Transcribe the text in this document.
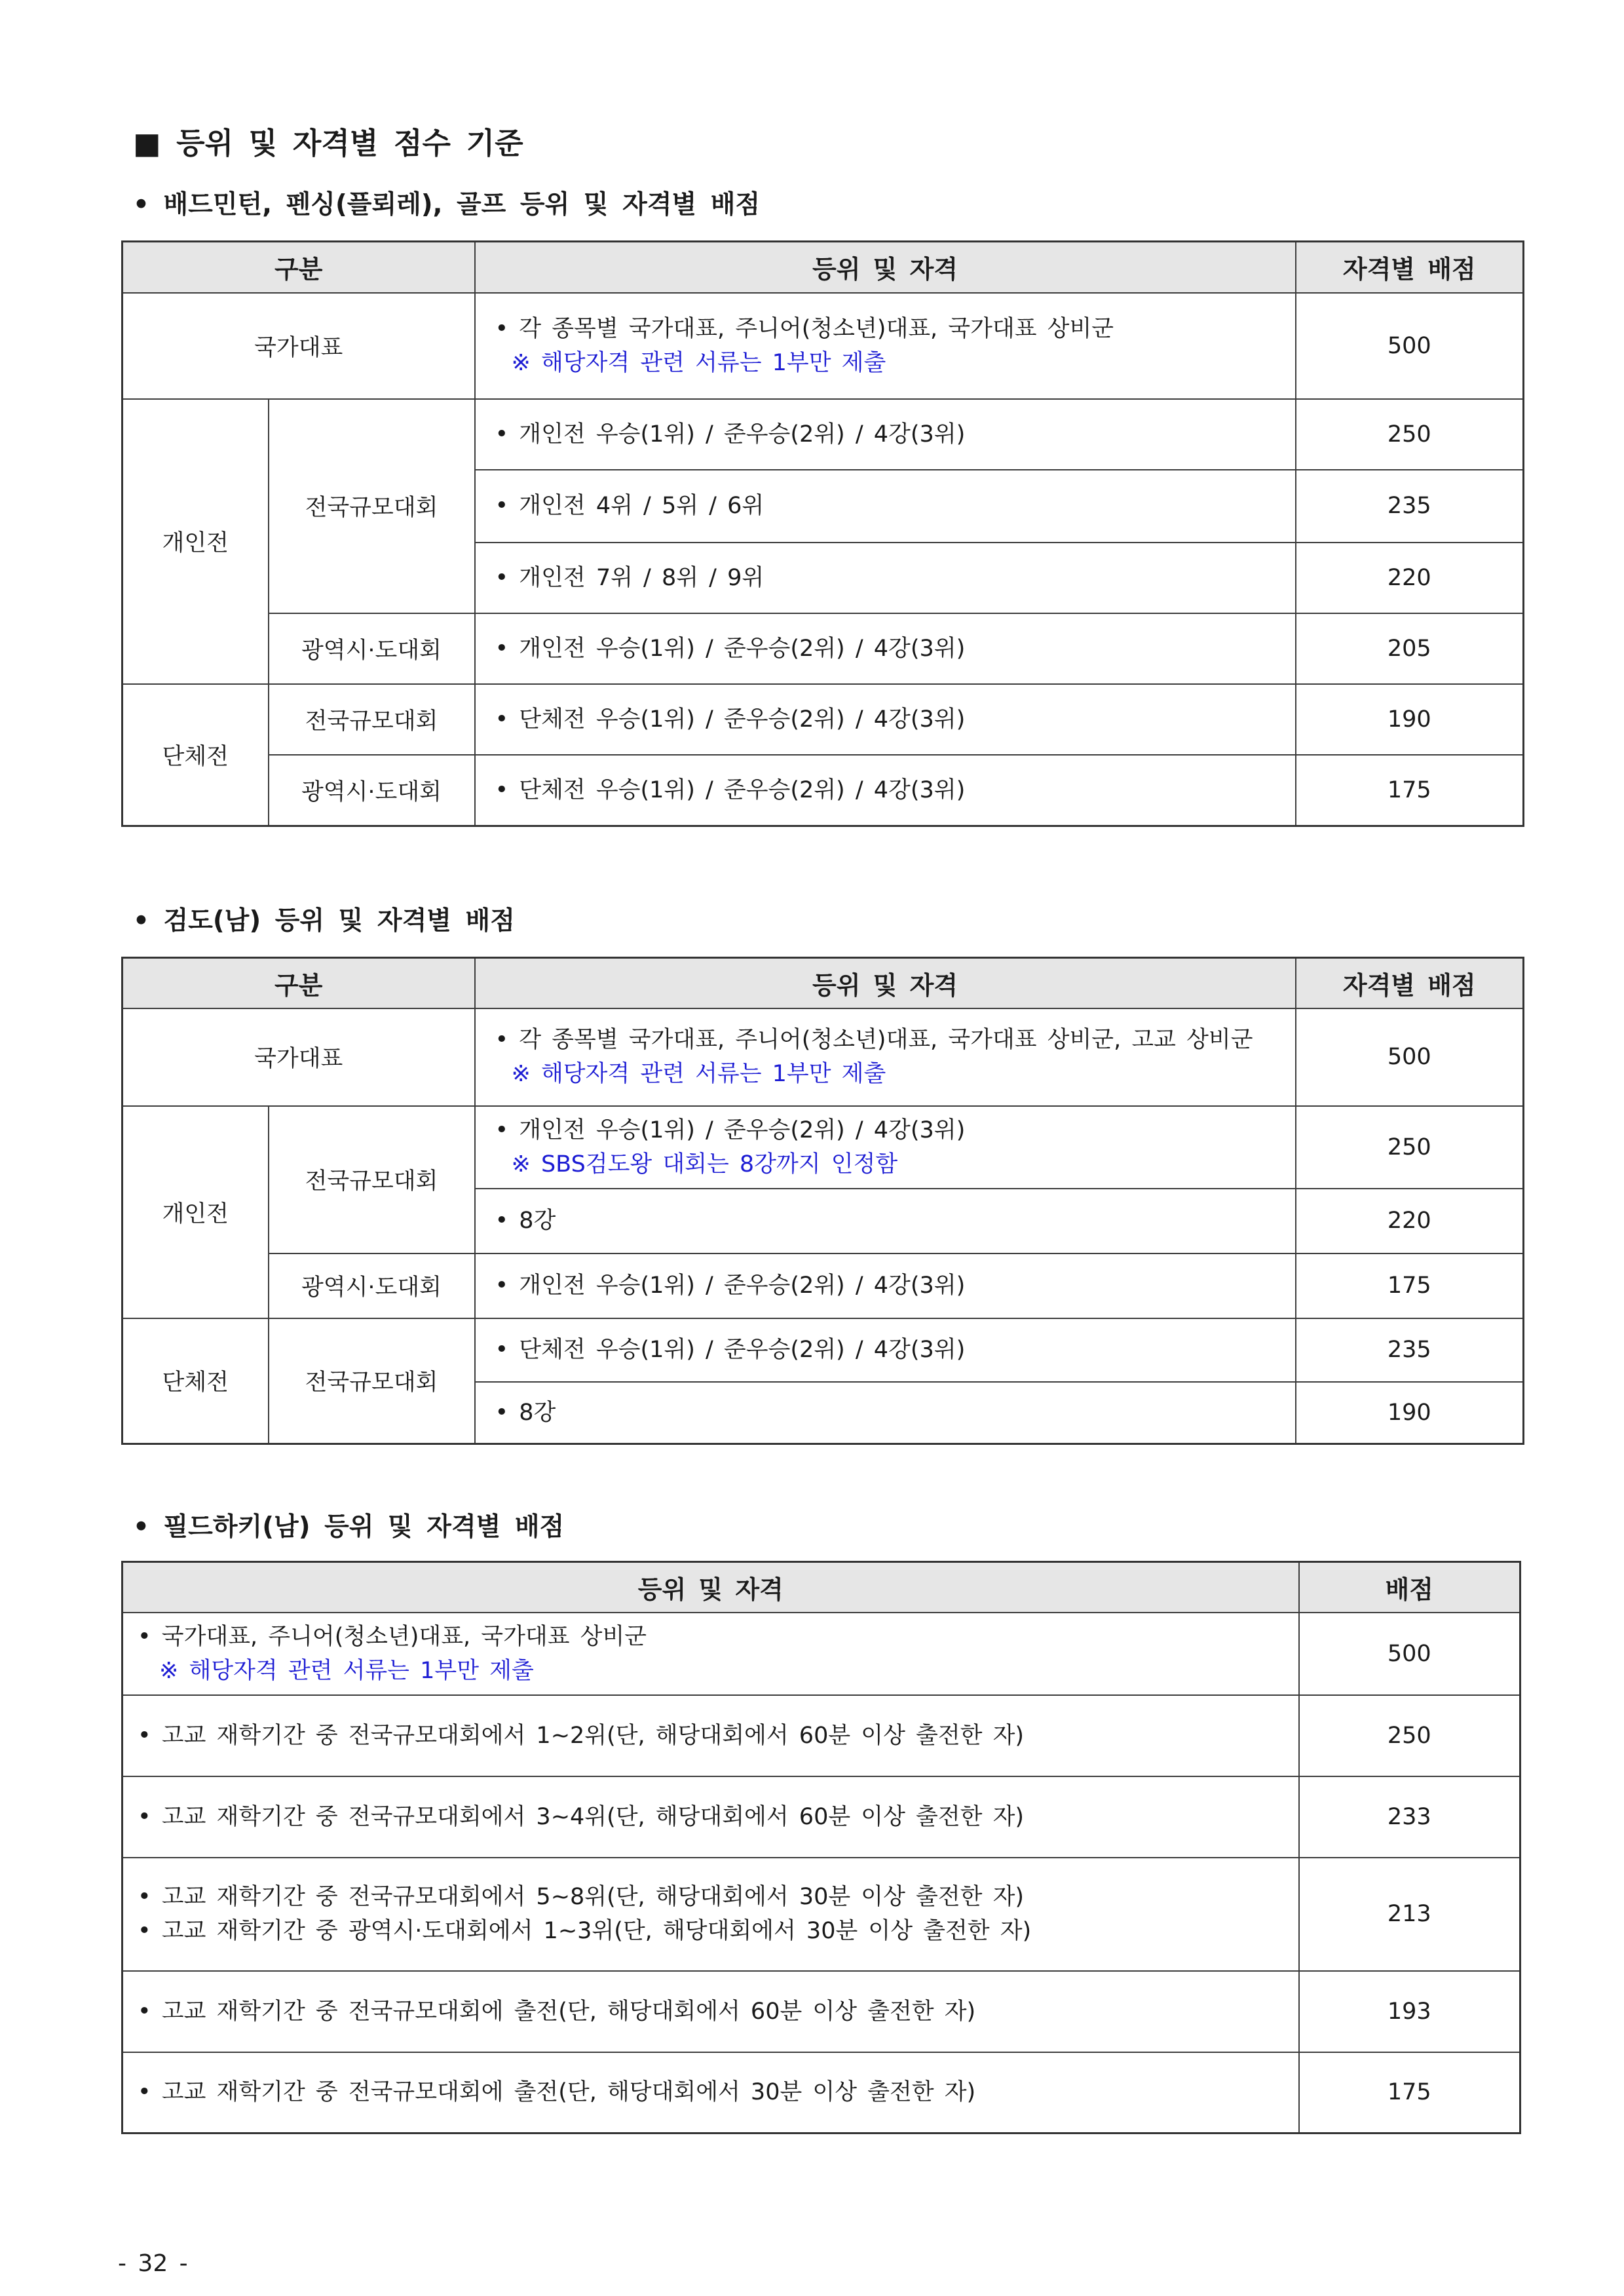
■ 등위 및 자격별 점수 기준
• 배드민턴, 펜싱(플뢰레), 골프 등위 및 자격별 배점
구분		등위 및 자격	자격별 배점
국가대표		• 각 종목별 국가대표, 주니어(청소년)대표, 국가대표 상비군
※ 해당자격 관련 서류는 1부만 제출	500
개인전	전국규모대회	• 개인전 우승(1위) / 준우승(2위) / 4강(3위)	250
		• 개인전 4위 / 5위 / 6위	235
		• 개인전 7위 / 8위 / 9위	220
	광역시·도대회	• 개인전 우승(1위) / 준우승(2위) / 4강(3위)	205
단체전	전국규모대회	• 단체전 우승(1위) / 준우승(2위) / 4강(3위)	190
	광역시·도대회	• 단체전 우승(1위) / 준우승(2위) / 4강(3위)	175
• 검도(남) 등위 및 자격별 배점
구분		등위 및 자격	자격별 배점
국가대표		• 각 종목별 국가대표, 주니어(청소년)대표, 국가대표 상비군, 고교 상비군
※ 해당자격 관련 서류는 1부만 제출	500
개인전	전국규모대회	• 개인전 우승(1위) / 준우승(2위) / 4강(3위)
※ SBS검도왕 대회는 8강까지 인정함	250
		• 8강	220
	광역시·도대회	• 개인전 우승(1위) / 준우승(2위) / 4강(3위)	175
단체전	전국규모대회	• 단체전 우승(1위) / 준우승(2위) / 4강(3위)	235
		• 8강	190
• 필드하키(남) 등위 및 자격별 배점
등위 및 자격	배점

• 국가대표, 주니어(청소년)대표, 국가대표 상비군
※ 해당자격 관련 서류는 1부만 제출	500
• 고교 재학기간 중 전국규모대회에서 1~2위(단, 해당대회에서 60분 이상 출전한 자)	250
• 고교 재학기간 중 전국규모대회에서 3~4위(단, 해당대회에서 60분 이상 출전한 자)	233

• 고교 재학기간 중 전국규모대회에서 5~8위(단, 해당대회에서 30분 이상 출전한 자)
• 고교 재학기간 중 광역시·도대회에서 1~3위(단, 해당대회에서 30분 이상 출전한 자)	213
• 고교 재학기간 중 전국규모대회에 출전(단, 해당대회에서 60분 이상 출전한 자)	193
• 고교 재학기간 중 전국규모대회에 출전(단, 해당대회에서 30분 이상 출전한 자)	175
- 32 -
